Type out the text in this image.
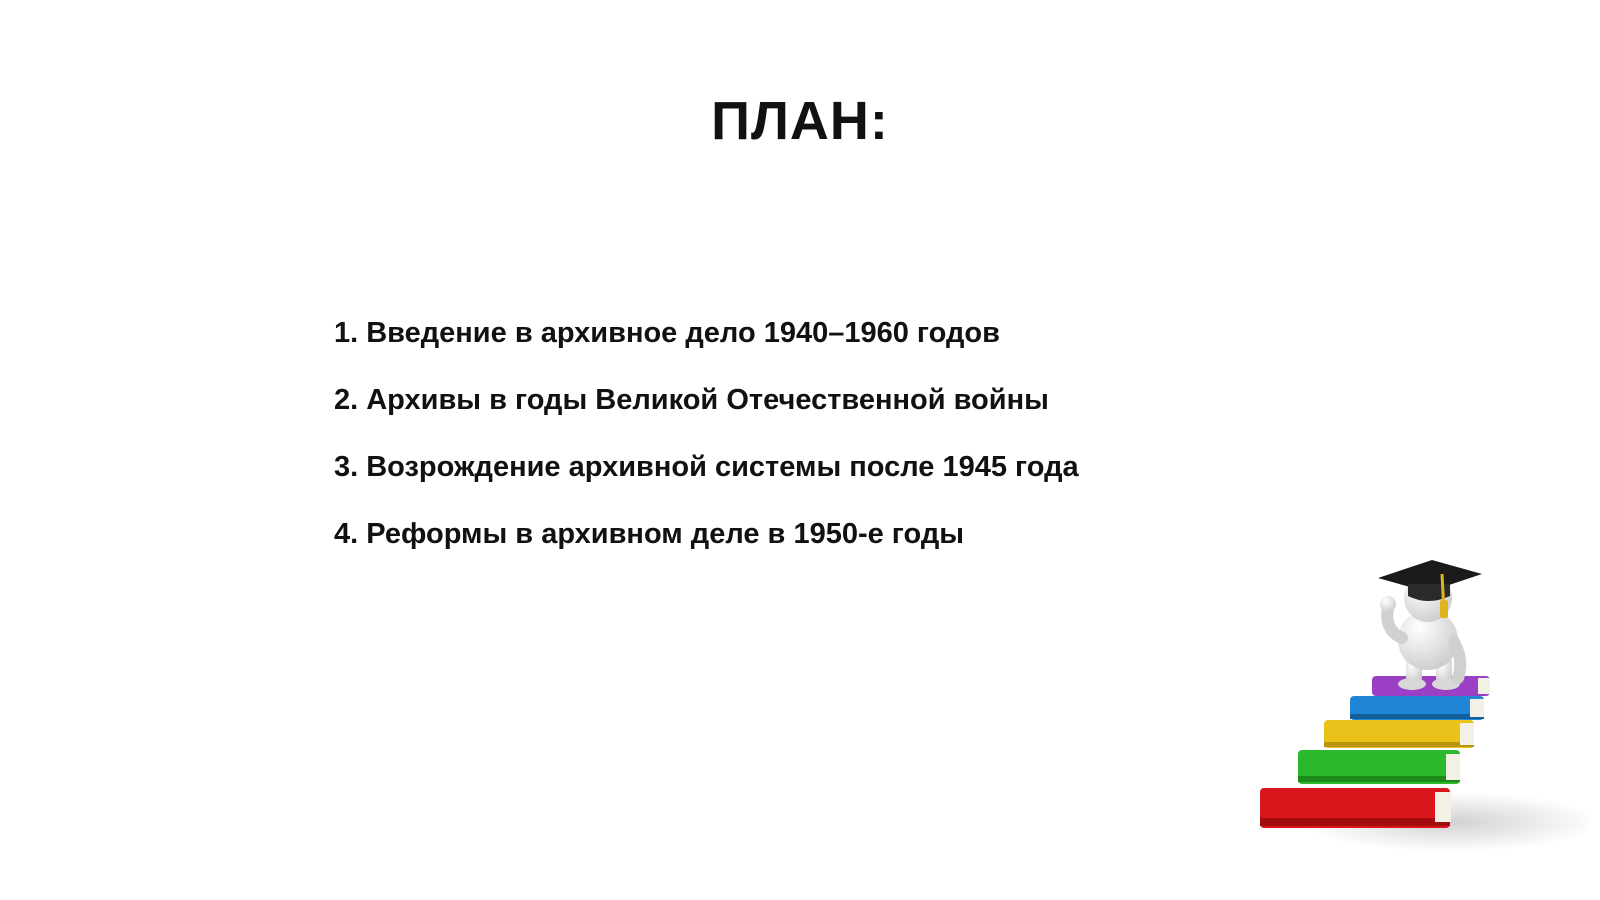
ПЛАН:
1. Введение в архивное дело 1940–1960 годов
2. Архивы в годы Великой Отечественной войны
3. Возрождение архивной системы после 1945 года
4. Реформы в архивном деле в 1950-е годы
